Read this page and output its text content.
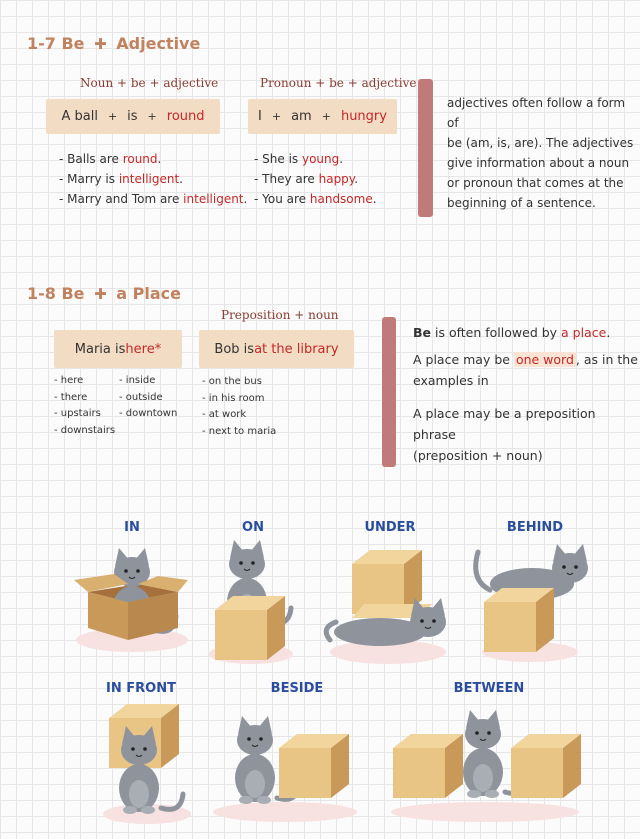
1-7 Be ✚ Adjective
Noun + be + adjective	Pronoun + be + adjective
A ball + is + round	I + am + hungry
- Balls are round.
- Marry is intelligent.
- Marry and Tom are intelligent.
- She is young.
- They are happy.
- You are handsome.
adjectives often follow a form of
be (am, is, are). The adjectives
give information about a noun
or pronoun that comes at the
beginning of a sentence.
1-8 Be ✚ a Place
Maria is here*
Preposition + noun
Bob is at the library
- here
- there
- upstairs
- downstairs
- inside
- outside
- downtown
- on the bus
- in his room
- at work
- next to maria
Be is often followed by a place.
A place may be one word , as in the
examples in
A place may be a preposition phrase
(preposition + noun)
IN	ON	UNDER	BEHIND
IN FRONT	BESIDE	BETWEEN
